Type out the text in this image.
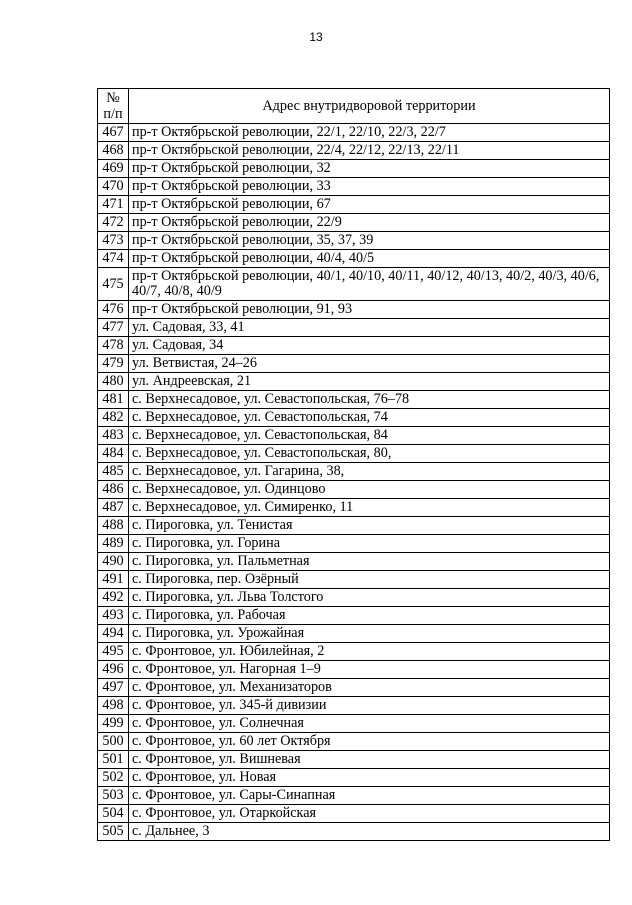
13
№
п/п	Адрес внутридворовой территории
467	пр-т Октябрьской революции, 22/1, 22/10, 22/3, 22/7
468	пр-т Октябрьской революции, 22/4, 22/12, 22/13, 22/11
469	пр-т Октябрьской революции, 32
470	пр-т Октябрьской революции, 33
471	пр-т Октябрьской революции, 67
472	пр-т Октябрьской революции, 22/9
473	пр-т Октябрьской революции, 35, 37, 39
474	пр-т Октябрьской революции, 40/4, 40/5
475	пр-т Октябрьской революции, 40/1, 40/10, 40/11, 40/12, 40/13, 40/2, 40/3, 40/6, 40/7, 40/8, 40/9
476	пр-т Октябрьской революции, 91, 93
477	ул. Садовая, 33, 41
478	ул. Садовая, 34
479	ул. Ветвистая, 24–26
480	ул. Андреевская, 21
481	с. Верхнесадовое, ул. Севастопольская, 76–78
482	с. Верхнесадовое, ул. Севастопольская, 74
483	с. Верхнесадовое, ул. Севастопольская, 84
484	с. Верхнесадовое, ул. Севастопольская, 80,
485	с. Верхнесадовое, ул. Гагарина, 38,
486	с. Верхнесадовое, ул. Одинцово
487	с. Верхнесадовое, ул. Симиренко, 11
488	с. Пироговка, ул. Тенистая
489	с. Пироговка, ул. Горина
490	с. Пироговка, ул. Пальметная
491	с. Пироговка, пер. Озёрный
492	с. Пироговка, ул. Льва Толстого
493	с. Пироговка, ул. Рабочая
494	с. Пироговка, ул. Урожайная
495	с. Фронтовое, ул. Юбилейная, 2
496	с. Фронтовое, ул. Нагорная 1–9
497	с. Фронтовое, ул. Механизаторов
498	с. Фронтовое, ул. 345-й дивизии
499	с. Фронтовое, ул. Солнечная
500	с. Фронтовое, ул. 60 лет Октября
501	с. Фронтовое, ул. Вишневая
502	с. Фронтовое, ул. Новая
503	с. Фронтовое, ул. Сары-Синапная
504	с. Фронтовое, ул. Отаркойская
505	с. Дальнее, 3
